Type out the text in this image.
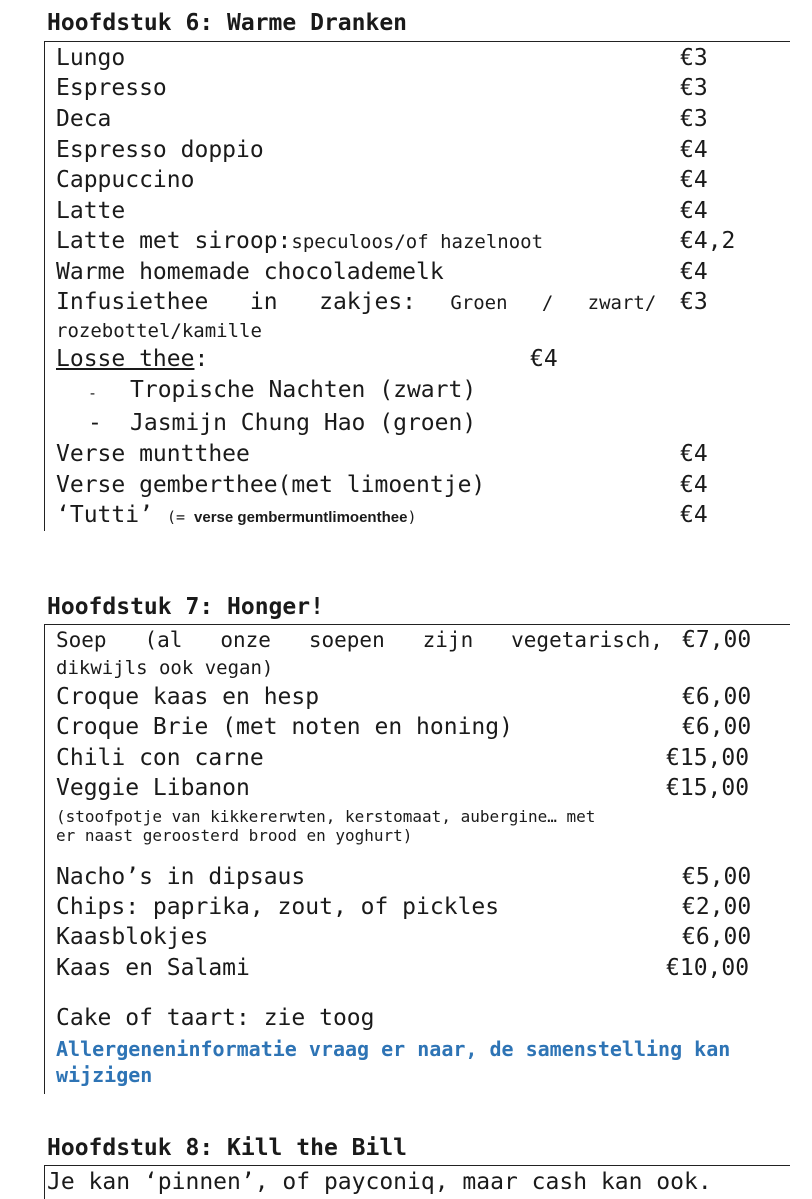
Hoofdstuk 6: Warme Dranken
Lungo	€3
Espresso	€3
Deca	€3
Espresso doppio	€4
Cappuccino	€4
Latte	€4
Latte met siroop:speculoos/of hazelnoot	€4,2
Warme homemade chocolademelk	€4
Infusiethee   in   zakjes: Groen   /   zwart/ €3
rozebottel/kamille
Losse thee:	€4
- Tropische Nachten (zwart)
- Jasmijn Chung Hao (groen)
Verse muntthee	€4
Verse gemberthee(met limoentje)	€4
‘Tutti’ (= verse gembermuntlimoenthee)	€4
Hoofdstuk 7: Honger!
Soep   (al   onze   soepen   zijn   vegetarisch, €7,00
dikwijls ook vegan)
Croque kaas en hesp	€6,00
Croque Brie (met noten en honing)	€6,00
Chili con carne	€15,00
Veggie Libanon	€15,00
(stoofpotje van kikkererwten, kerstomaat, aubergine… met
er naast geroosterd brood en yoghurt)
Nacho’s in dipsaus	€5,00
Chips: paprika, zout, of pickles	€2,00
Kaasblokjes	€6,00
Kaas en Salami	€10,00
Cake of taart: zie toog
Allergeneninformatie vraag er naar, de samenstelling kan
wijzigen
Hoofdstuk 8: Kill the Bill
Je kan ‘pinnen’, of payconiq, maar cash kan ook.
